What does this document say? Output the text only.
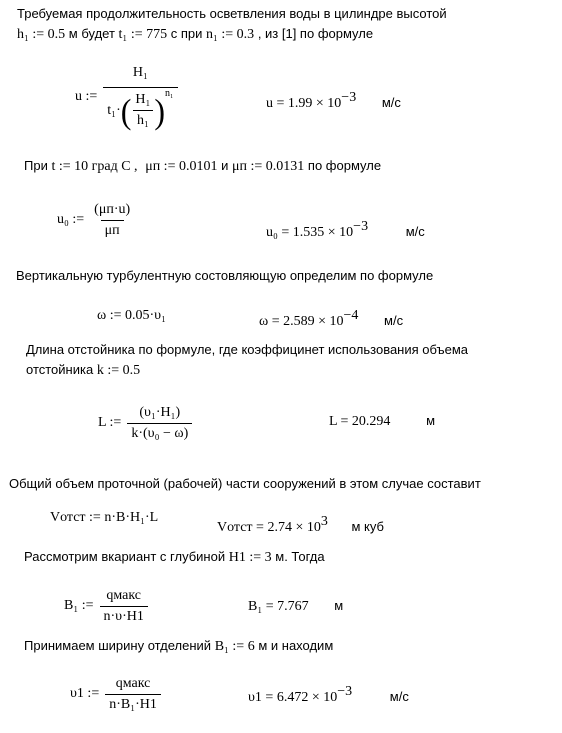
Требуемая продолжительность осветвления воды в цилиндре высотой
h₁ := 0.5 м будет t₁ := 775 с при n₁ := 0.3 , из [1] по формуле
u :=
H₁
t₁· ( $\frac{\text{H₁}}{\text{h₁}}$ ) n₁
$u = 1.99 \times 10^{-3}$ м/с
При t := 10 град С , μп := 0.0101 и μп := 0.0131 по формуле
u₀ := $\frac{(\mu п\cdot u)}{\mu п}$	$u_0 = 1.535 \times 10^{-3}$	м/с
Вертикальную турбулентную состовляющую определим по формуле
ω := 0.05·υ₁	$\omega = 2.589 \times 10^{-4}$ м/с
Длина отстойника по формуле, где коэффицинет использования объема
отстойника k := 0.5
L := $\frac{\text{(υ₁·H₁)}}{\text{k·(υ₀ − ω)}}$	L = 20.294	м
Общий объем проточной (рабочей) части сооружений в этом случае составит
Vотст := n·B·H₁·L
Vотст = $2.74 \times 10^3$ м куб
Рассмотрим вкариант с глубиной H1 := 3 м. Тогда
B₁ := $\frac{\text{qмакс}}{n\cdot\upsilon\cdot H1}$	B₁ = 7.767 м
Принимаем ширину отделений B₁ := 6 м и находим
υ1 := $\frac{\text{qмакс}}{\text{n·B₁·H1}}$	$\upsilon 1 = 6.472 \times 10^{-3}$	м/с
